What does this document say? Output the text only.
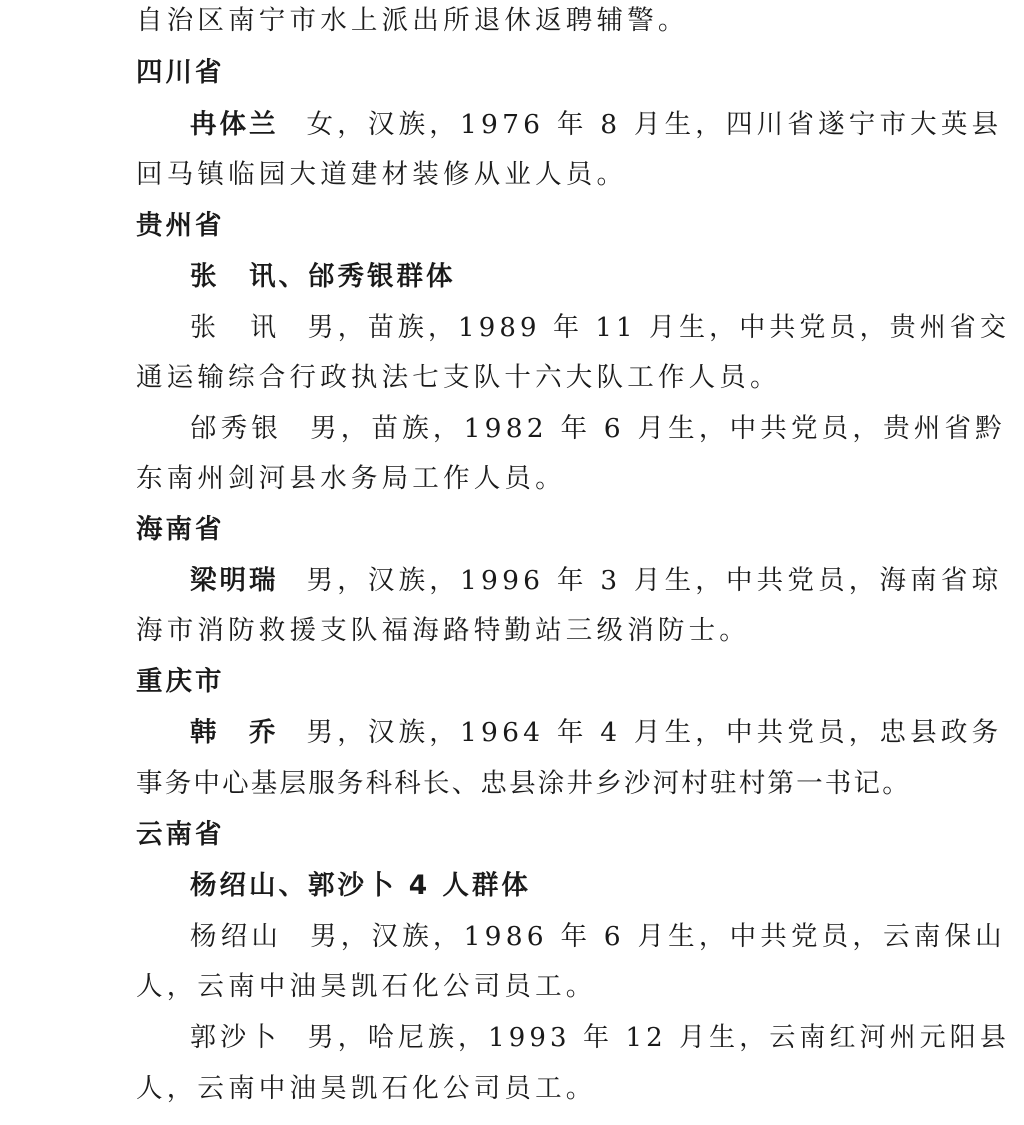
自治区南宁市水上派出所退休返聘辅警。
四川省
冉体兰 女，汉族，1976 年 8 月生，四川省遂宁市大英县
回马镇临园大道建材装修从业人员。
贵州省
张　讯、邰秀银群体
张　讯 男，苗族，1989 年 11 月生，中共党员，贵州省交
通运输综合行政执法七支队十六大队工作人员。
邰秀银 男，苗族，1982 年 6 月生，中共党员，贵州省黔
东南州剑河县水务局工作人员。
海南省
梁明瑞 男，汉族，1996 年 3 月生，中共党员，海南省琼
海市消防救援支队福海路特勤站三级消防士。
重庆市
韩　乔 男，汉族，1964 年 4 月生，中共党员，忠县政务
事务中心基层服务科科长、忠县涂井乡沙河村驻村第一书记。
云南省
杨绍山、郭沙卜 4 人群体
杨绍山 男，汉族，1986 年 6 月生，中共党员，云南保山
人，云南中油昊凯石化公司员工。
郭沙卜 男，哈尼族，1993 年 12 月生，云南红河州元阳县
人，云南中油昊凯石化公司员工。
